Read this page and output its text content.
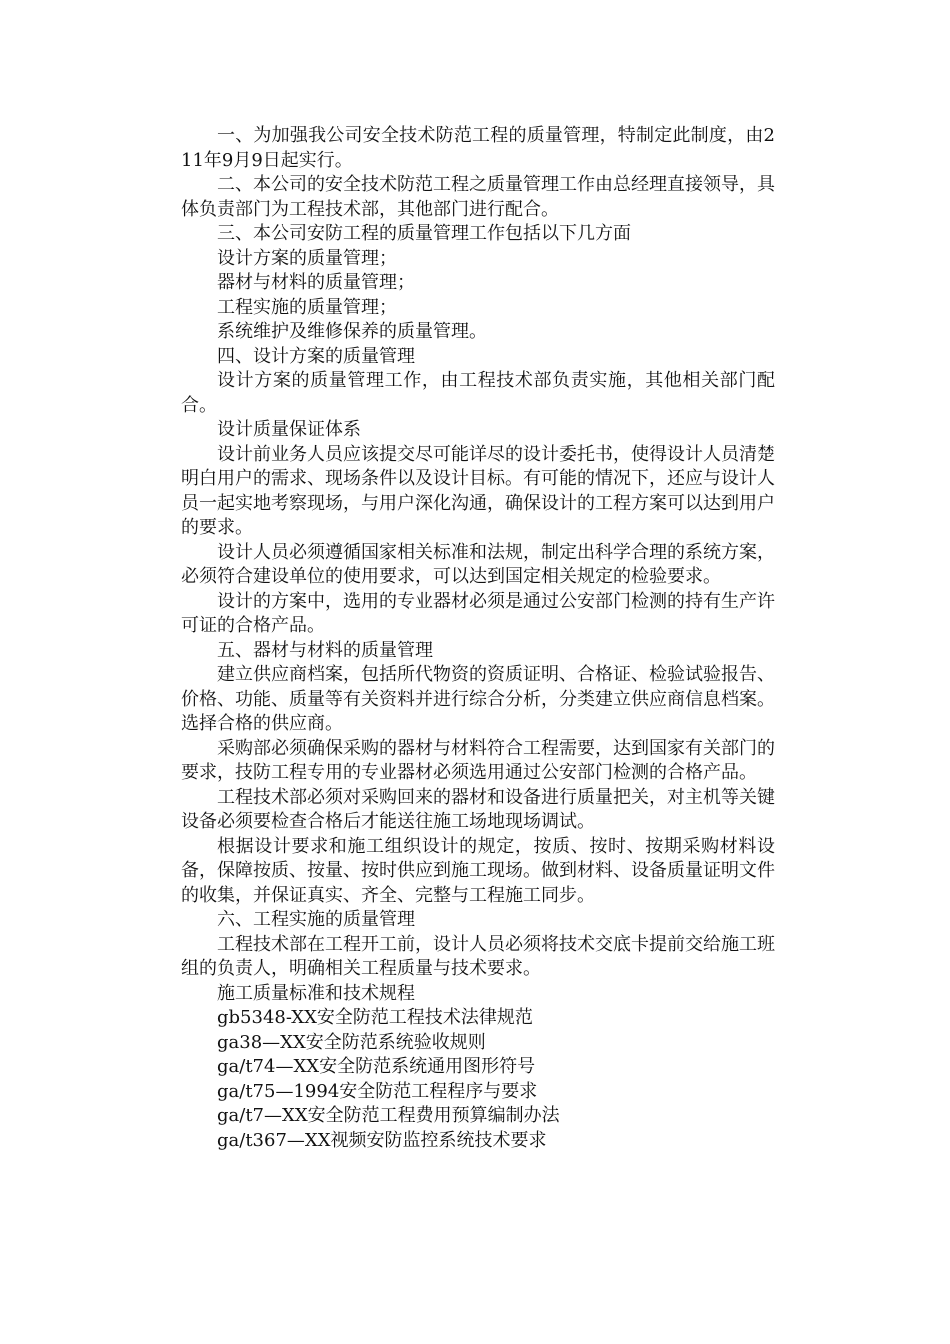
一、为加强我公司安全技术防范工程的质量管理，特制定此制度，由211年9月9日起实行。

二、本公司的安全技术防范工程之质量管理工作由总经理直接领导，具体负责部门为工程技术部，其他部门进行配合。

三、本公司安防工程的质量管理工作包括以下几方面

设计方案的质量管理；

器材与材料的质量管理；

工程实施的质量管理；

系统维护及维修保养的质量管理。

四、设计方案的质量管理

设计方案的质量管理工作，由工程技术部负责实施，其他相关部门配合。

设计质量保证体系

设计前业务人员应该提交尽可能详尽的设计委托书，使得设计人员清楚明白用户的需求、现场条件以及设计目标。有可能的情况下，还应与设计人员一起实地考察现场，与用户深化沟通，确保设计的工程方案可以达到用户的要求。

设计人员必须遵循国家相关标准和法规，制定出科学合理的系统方案，必须符合建设单位的使用要求，可以达到国定相关规定的检验要求。

设计的方案中，选用的专业器材必须是通过公安部门检测的持有生产许可证的合格产品。

五、器材与材料的质量管理

建立供应商档案，包括所代物资的资质证明、合格证、检验试验报告、价格、功能、质量等有关资料并进行综合分析，分类建立供应商信息档案。选择合格的供应商。

采购部必须确保采购的器材与材料符合工程需要，达到国家有关部门的要求，技防工程专用的专业器材必须选用通过公安部门检测的合格产品。

工程技术部必须对采购回来的器材和设备进行质量把关，对主机等关键设备必须要检查合格后才能送往施工场地现场调试。

根据设计要求和施工组织设计的规定，按质、按时、按期采购材料设备，保障按质、按量、按时供应到施工现场。做到材料、设备质量证明文件的收集，并保证真实、齐全、完整与工程施工同步。

六、工程实施的质量管理

工程技术部在工程开工前，设计人员必须将技术交底卡提前交给施工班组的负责人，明确相关工程质量与技术要求。

施工质量标准和技术规程

gb5348-XX安全防范工程技术法律规范

ga38—XX安全防范系统验收规则

ga/t74—XX安全防范系统通用图形符号

ga/t75—1994安全防范工程程序与要求

ga/t7—XX安全防范工程费用预算编制办法

ga/t367—XX视频安防监控系统技术要求
